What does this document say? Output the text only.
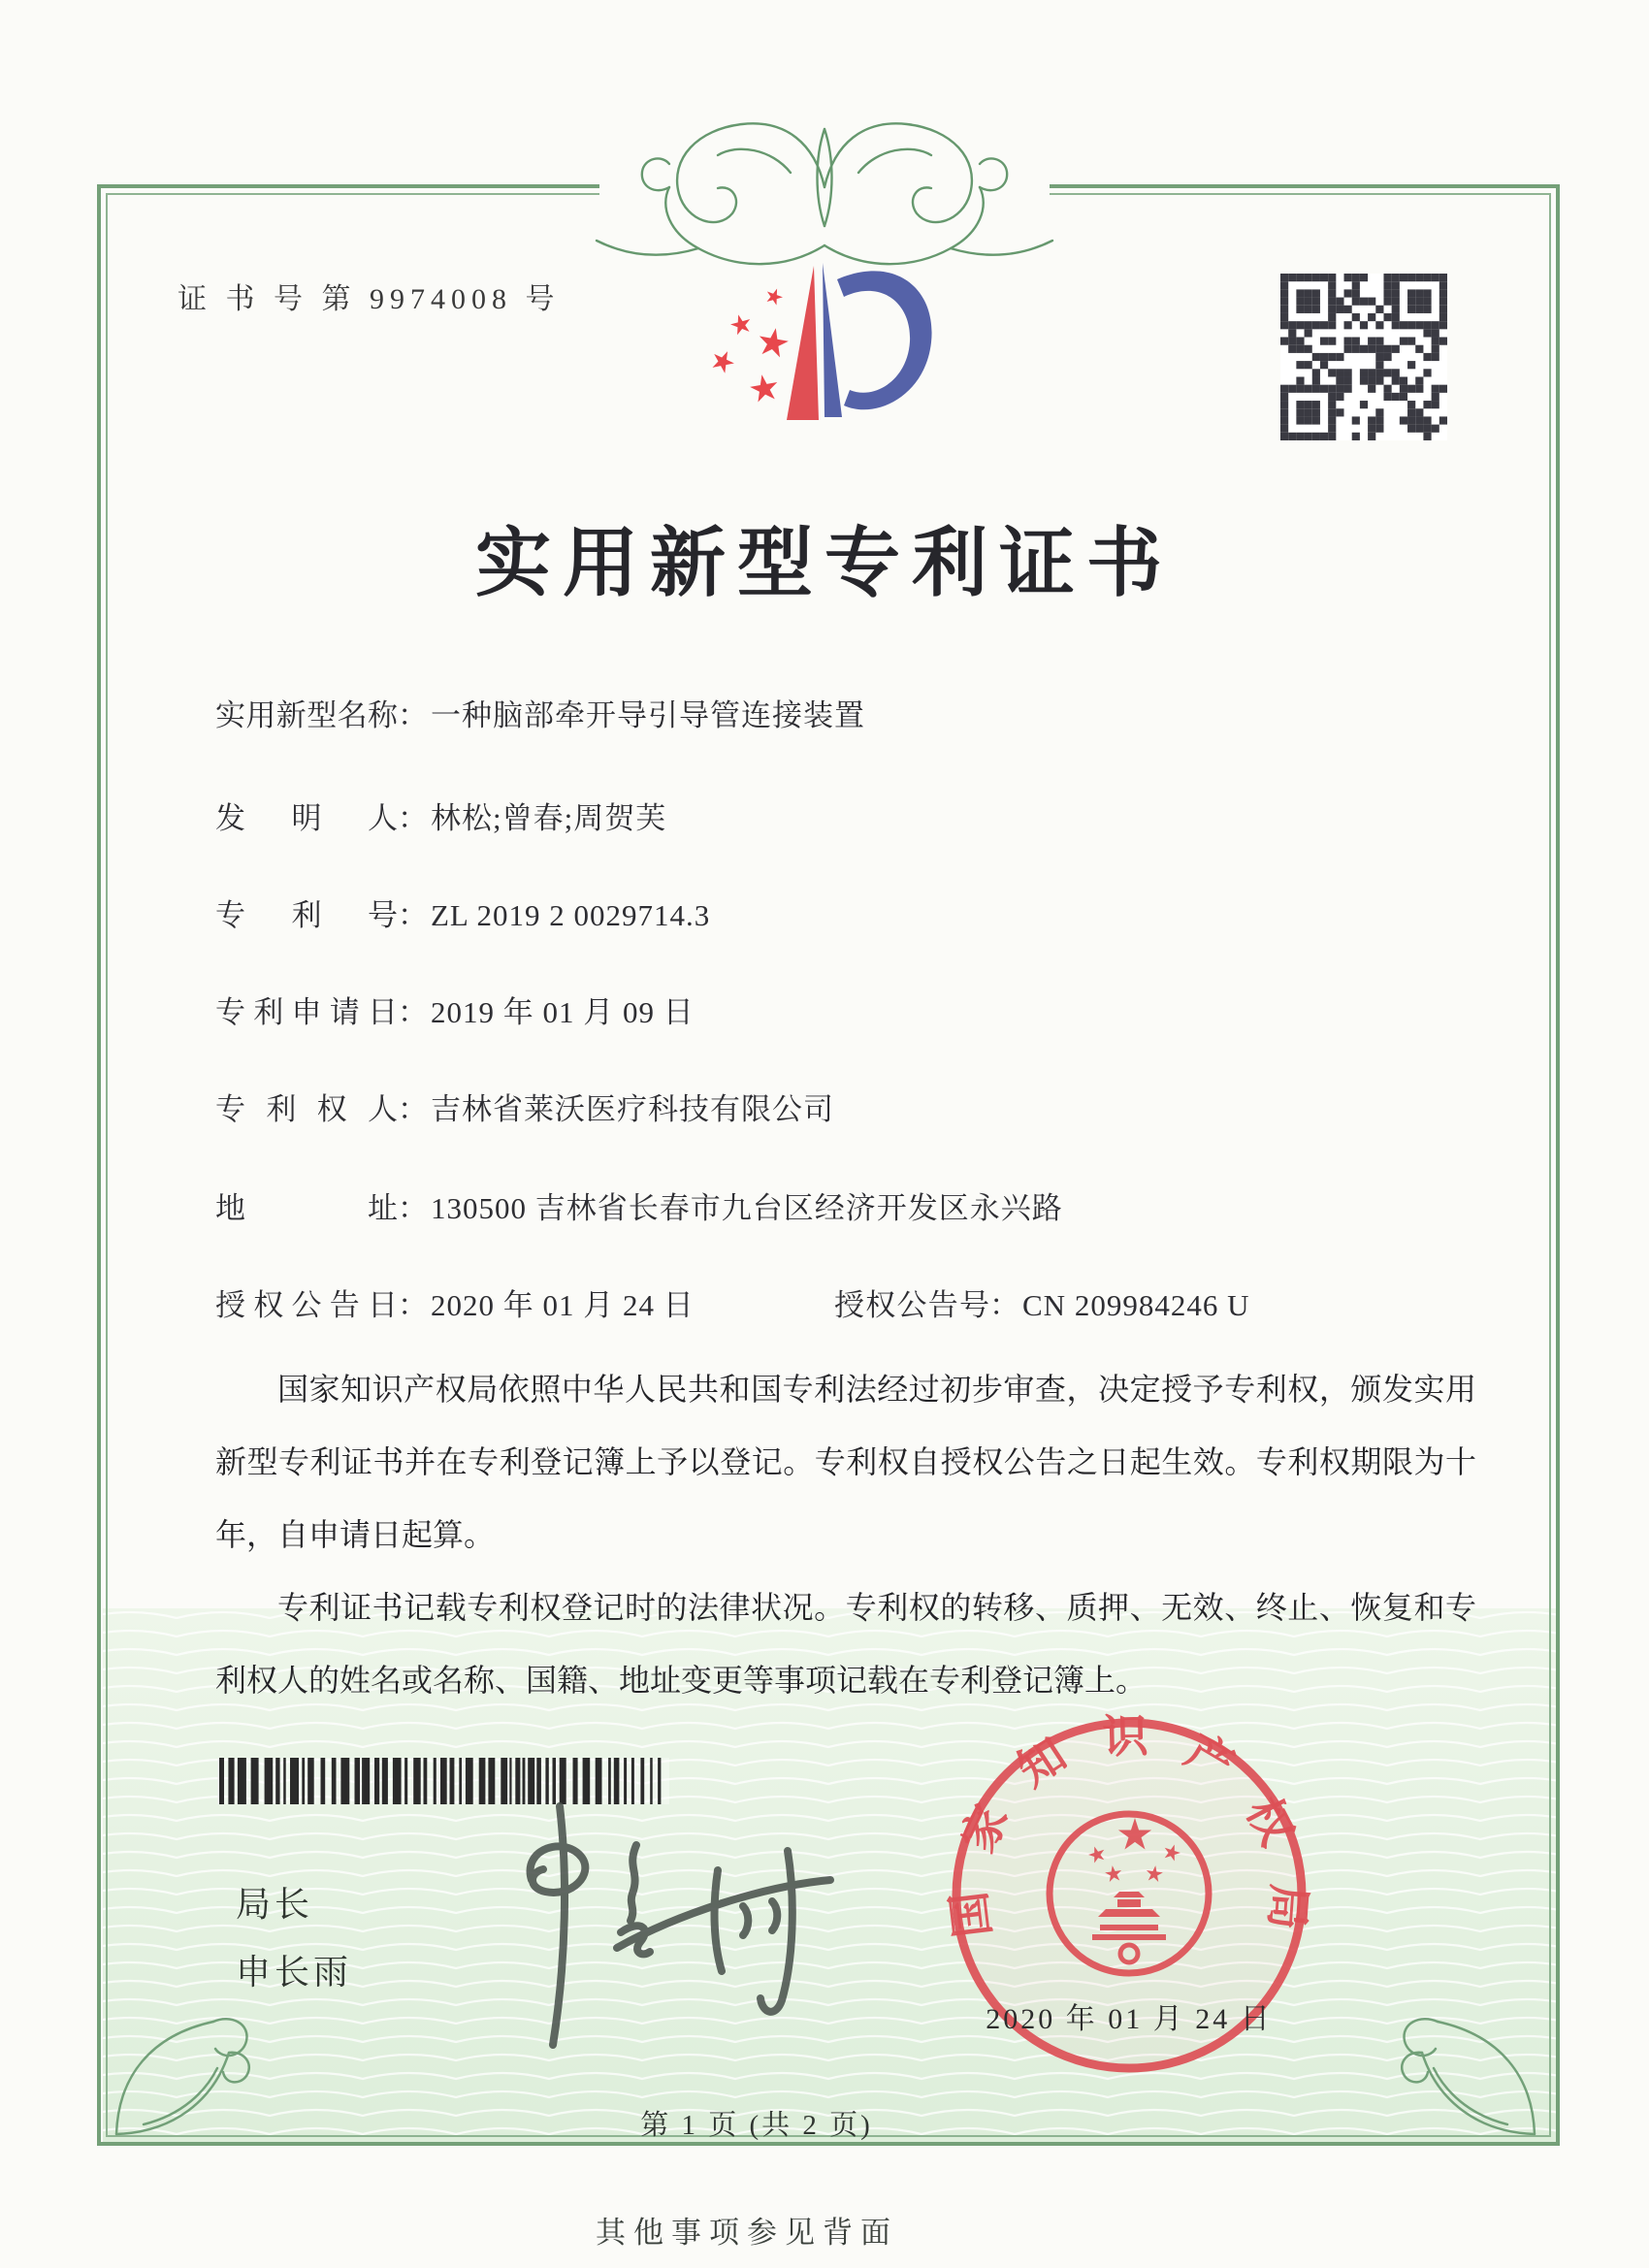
证 书 号 第 9974008 号
实用新型专利证书
实用新型名称 ： 一种脑部牵开导引导管连接装置
发明人 ： 林松;曾春;周贺芙
专利号 ： ZL 2019 2 0029714.3
专利申请日 ： 2019 年 01 月 09 日
专利权人 ： 吉林省莱沃医疗科技有限公司
地址 ： 130500 吉林省长春市九台区经济开发区永兴路
授权公告日 ： 2020 年 01 月 24 日	授权公告号 ： CN 209984246 U

国家知识产权局依照中华人民共和国专利法经过初步审查，决定授予专利权，颁发实用新型专利证书并在专利登记簿上予以登记。专利权自授权公告之日起生效。专利权期限为十年，自申请日起算。

专利证书记载专利权登记时的法律状况。专利权的转移、质押、无效、终止、恢复和专利权人的姓名或名称、国籍、地址变更等事项记载在专利登记簿上。

局长
申长雨
国家知识产权局
2020 年 01 月 24 日
第 1 页 (共 2 页)
其他事项参见背面
